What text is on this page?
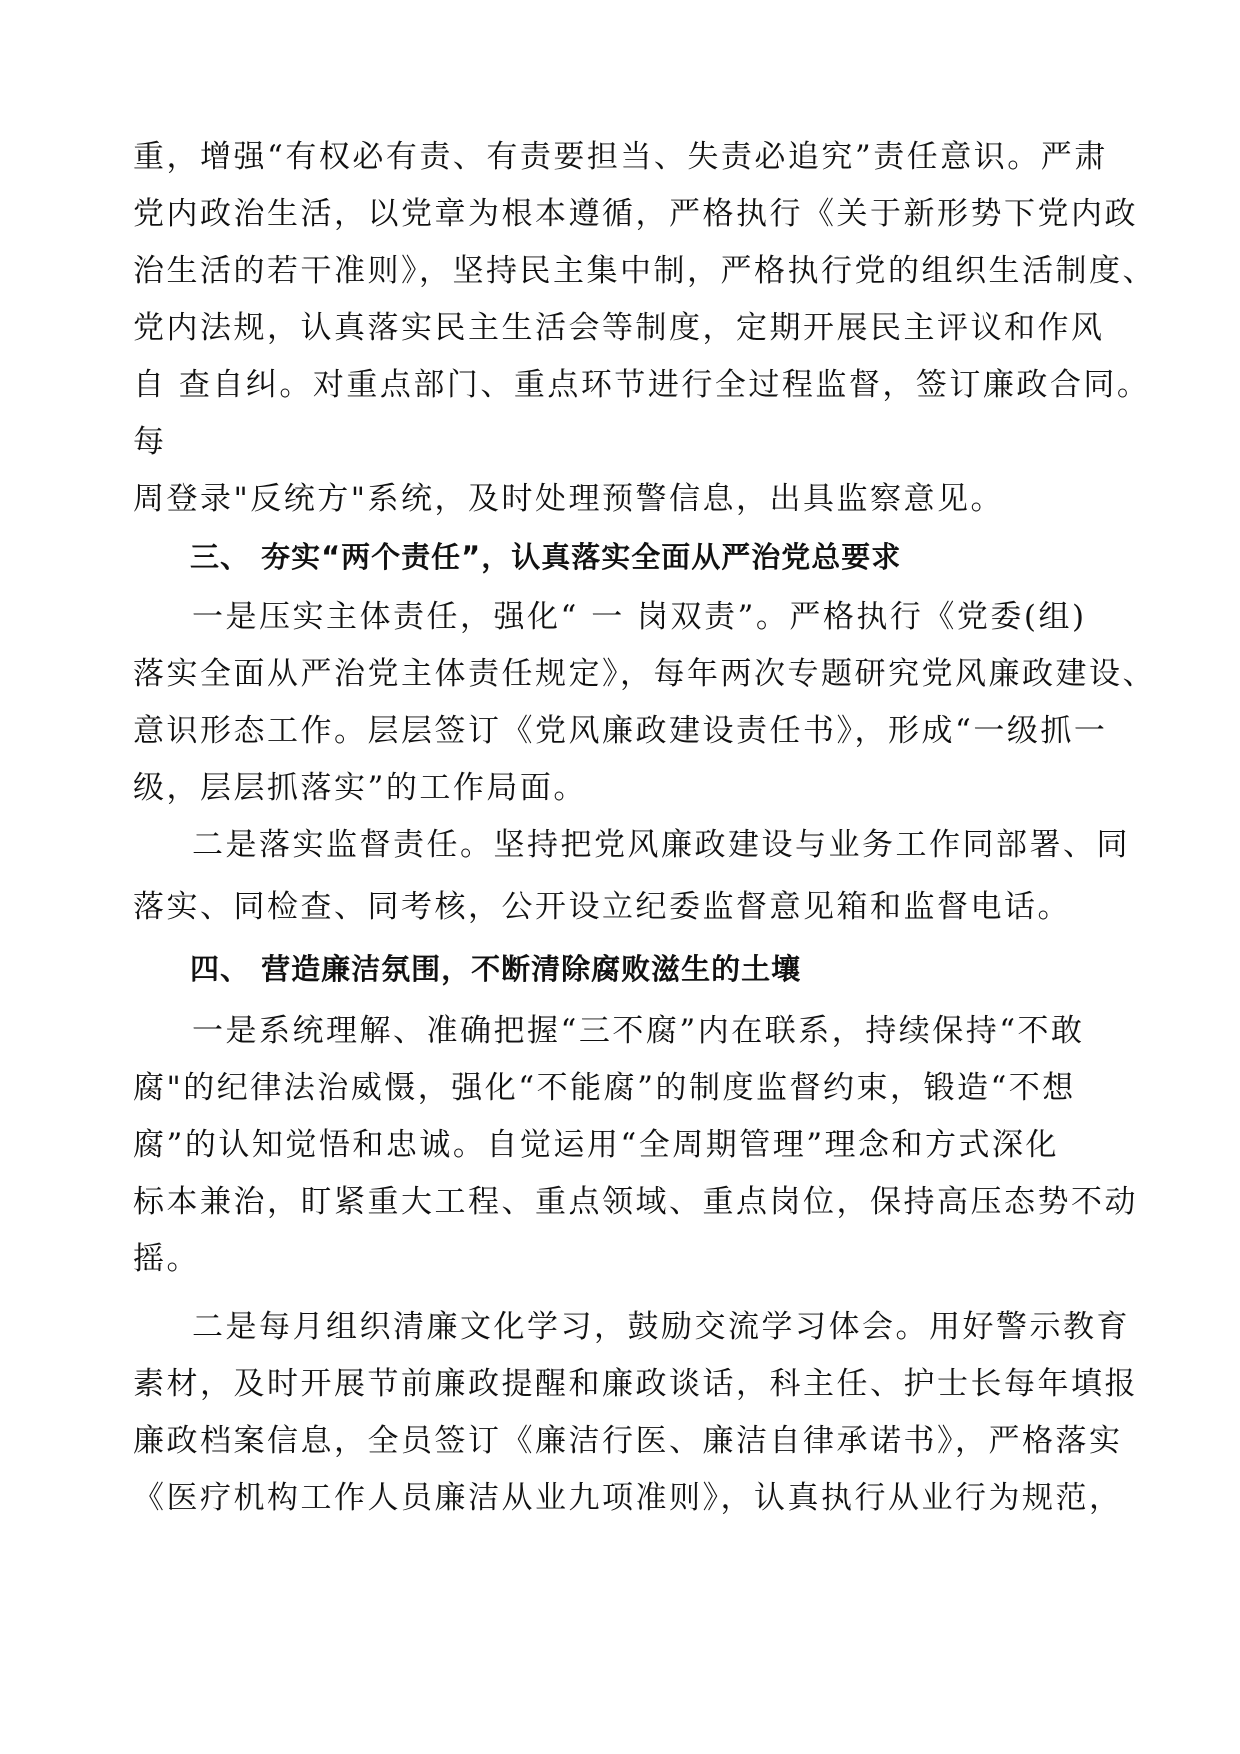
重，增强“有权必有责、有责要担当、失责必追究”责任意识。严肃
党内政治生活，以党章为根本遵循，严格执行《关于新形势下党内政
治生活的若干准则》，坚持民主集中制，严格执行党的组织生活制度、
党内法规，认真落实民主生活会等制度，定期开展民主评议和作风
自 查自纠。对重点部门、重点环节进行全过程监督，签订廉政合同。
每
周登录"反统方"系统，及时处理预警信息，出具监察意见。
三、 夯实“两个责任”，认真落实全面从严治党总要求
一是压实主体责任，强化“ 一 岗双责”。严格执行《党委(组)
落实全面从严治党主体责任规定》，每年两次专题研究党风廉政建设、
意识形态工作。层层签订《党风廉政建设责任书》，形成“一级抓一
级，层层抓落实”的工作局面。
二是落实监督责任。坚持把党风廉政建设与业务工作同部署、同
落实、同检查、同考核，公开设立纪委监督意见箱和监督电话。
四、 营造廉洁氛围，不断清除腐败滋生的土壤
一是系统理解、准确把握“三不腐”内在联系，持续保持“不敢
腐"的纪律法治威慑，强化“不能腐”的制度监督约束，锻造“不想
腐”的认知觉悟和忠诚。自觉运用“全周期管理”理念和方式深化
标本兼治，盯紧重大工程、重点领域、重点岗位，保持高压态势不动
摇。
二是每月组织清廉文化学习，鼓励交流学习体会。用好警示教育
素材，及时开展节前廉政提醒和廉政谈话，科主任、护士长每年填报
廉政档案信息，全员签订《廉洁行医、廉洁自律承诺书》，严格落实
《医疗机构工作人员廉洁从业九项准则》，认真执行从业行为规范，
